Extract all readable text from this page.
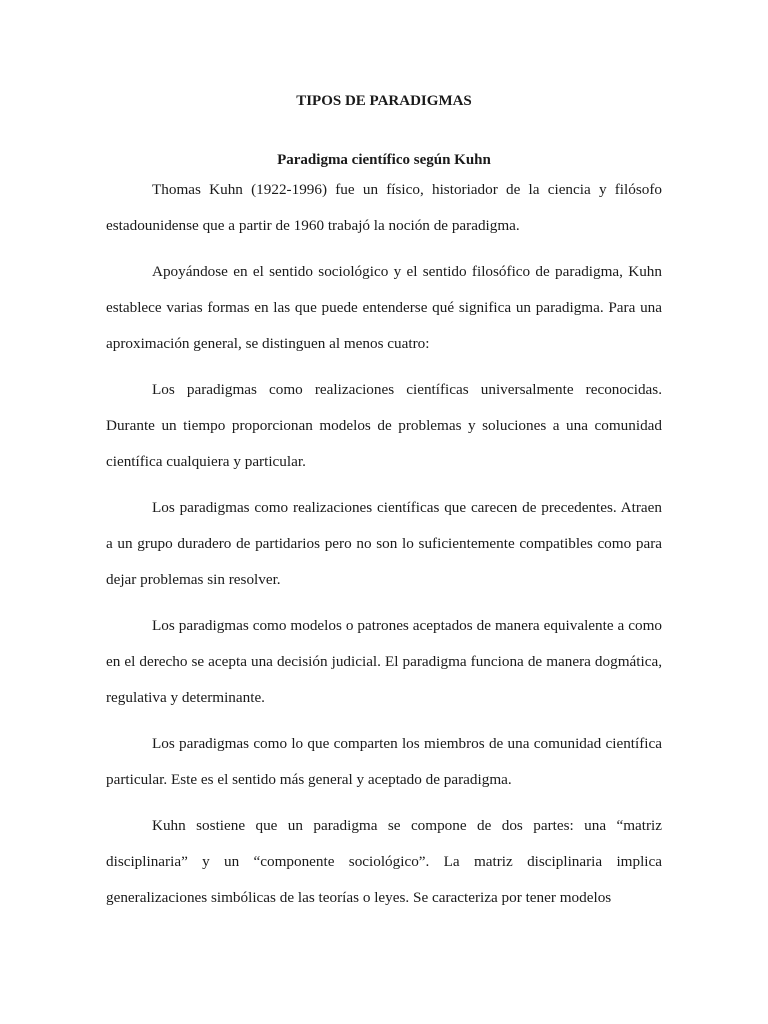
TIPOS DE PARADIGMAS
Paradigma científico según Kuhn

Thomas Kuhn (1922-1996) fue un físico, historiador de la ciencia y filósofo estadounidense que a partir de 1960 trabajó la noción de paradigma.

Apoyándose en el sentido sociológico y el sentido filosófico de paradigma, Kuhn establece varias formas en las que puede entenderse qué significa un paradigma. Para una aproximación general, se distinguen al menos cuatro:

Los paradigmas como realizaciones científicas universalmente reconocidas. Durante un tiempo proporcionan modelos de problemas y soluciones a una comunidad científica cualquiera y particular.

Los paradigmas como realizaciones científicas que carecen de precedentes. Atraen a un grupo duradero de partidarios pero no son lo suficientemente compatibles como para dejar problemas sin resolver.

Los paradigmas como modelos o patrones aceptados de manera equivalente a como en el derecho se acepta una decisión judicial. El paradigma funciona de manera dogmática, regulativa y determinante.

Los paradigmas como lo que comparten los miembros de una comunidad científica particular. Este es el sentido más general y aceptado de paradigma.

Kuhn sostiene que un paradigma se compone de dos partes: una “matriz disciplinaria” y un “componente sociológico”. La matriz disciplinaria implica generalizaciones simbólicas de las teorías o leyes. Se caracteriza por tener modelos
